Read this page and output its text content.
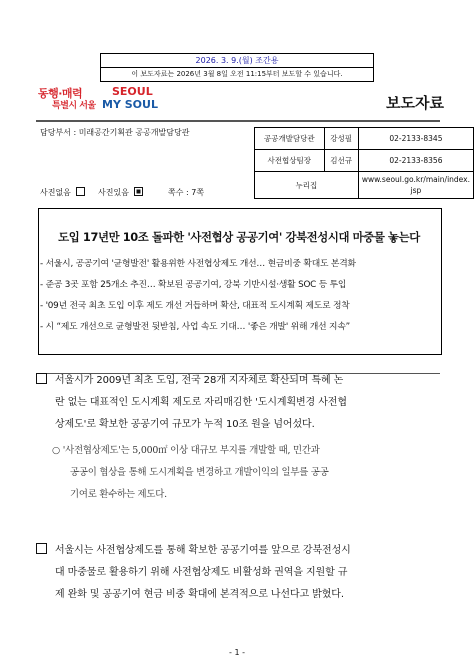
2026. 3. 9.(월) 조간용
이 보도자료는 2026년 3월 8일 오전 11:15부터 보도할 수 있습니다.
동행·매력
특별시 서울
SEOUL
MY SOUL	보도자료
담당부서 : 미래공간기획관 공공개발담당관
공공개발담당관	강성필	02-2133-8345
사전협상팀장	김선규	02-2133-8356
누리집		www.seoul.go.kr/main/index.
jsp
사진없음	사진있음	쪽수 : 7쪽
도입 17년만 10조 돌파한 '사전협상 공공기여' 강북전성시대 마중물 놓는다
- 서울시, 공공기여 '균형발전' 활용위한 사전협상제도 개선… 현금비중 확대도 본격화
- 준공 3곳 포함 25개소 추진… 확보된 공공기여, 강북 기반시설·생활 SOC 등 투입
- '09년 전국 최초 도입 이후 제도 개선 거듭하며 확산, 대표적 도시계획 제도로 정착
- 시 “제도 개선으로 균형발전 뒷받침, 사업 속도 기대… '좋은 개발' 위해 개선 지속”
서울시가 2009년 최초 도입, 전국 28개 지자체로 확산되며 특혜 논
란 없는 대표적인 도시계획 제도로 자리매김한 '도시계획변경 사전협
상제도'로 확보한 공공기여 규모가 누적 10조 원을 넘어섰다.
○ '사전협상제도'는 5,000㎡ 이상 대규모 부지를 개발할 때, 민간과
공공이 협상을 통해 도시계획을 변경하고 개발이익의 일부를 공공
기여로 환수하는 제도다.
서울시는 사전협상제도를 통해 확보한 공공기여를 앞으로 강북전성시
대 마중물로 활용하기 위해 사전협상제도 비활성화 권역을 지원할 규
제 완화 및 공공기여 현금 비중 확대에 본격적으로 나선다고 밝혔다.
- 1 -
